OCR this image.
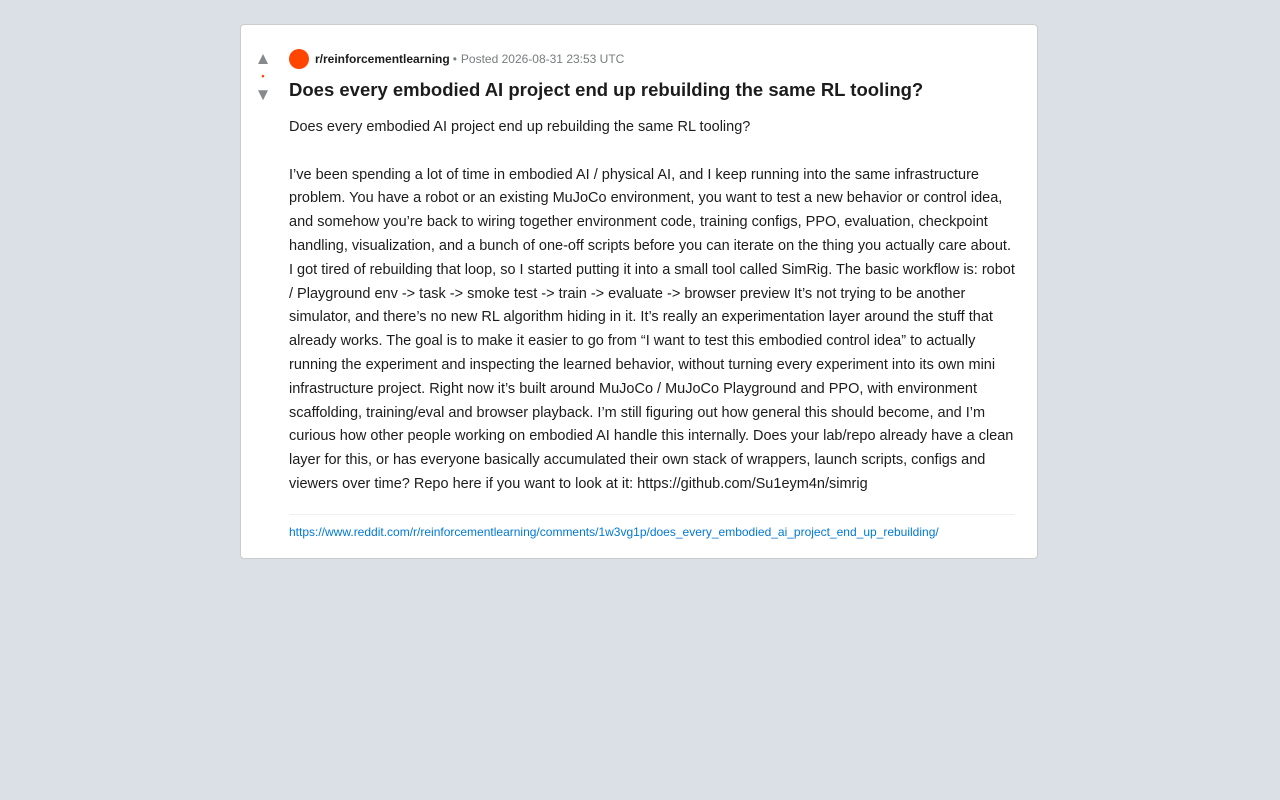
▲
•
▼
r/reinforcementlearning • Posted 2026-08-31 23:53 UTC
Does every embodied AI project end up rebuilding the same RL tooling?

Does every embodied AI project end up rebuilding the same RL tooling?

I’ve been spending a lot of time in embodied AI / physical AI, and I keep running into the same infrastructure problem. You have a robot or an existing MuJoCo environment, you want to test a new behavior or control idea, and somehow you’re back to wiring together environment code, training configs, PPO, evaluation, checkpoint handling, visualization, and a bunch of one-off scripts before you can iterate on the thing you actually care about. I got tired of rebuilding that loop, so I started putting it into a small tool called SimRig. The basic workflow is: robot / Playground env -> task -> smoke test -> train -> evaluate -> browser preview It’s not trying to be another simulator, and there’s no new RL algorithm hiding in it. It’s really an experimentation layer around the stuff that already works. The goal is to make it easier to go from “I want to test this embodied control idea” to actually running the experiment and inspecting the learned behavior, without turning every experiment into its own mini infrastructure project. Right now it’s built around MuJoCo / MuJoCo Playground and PPO, with environment scaffolding, training/eval and browser playback. I’m still figuring out how general this should become, and I’m curious how other people working on embodied AI handle this internally. Does your lab/repo already have a clean layer for this, or has everyone basically accumulated their own stack of wrappers, launch scripts, configs and viewers over time? Repo here if you want to look at it: https://github.com/Su1eym4n/simrig

https://www.reddit.com/r/reinforcementlearning/comments/1w3vg1p/does_every_embodied_ai_project_end_up_rebuilding/
